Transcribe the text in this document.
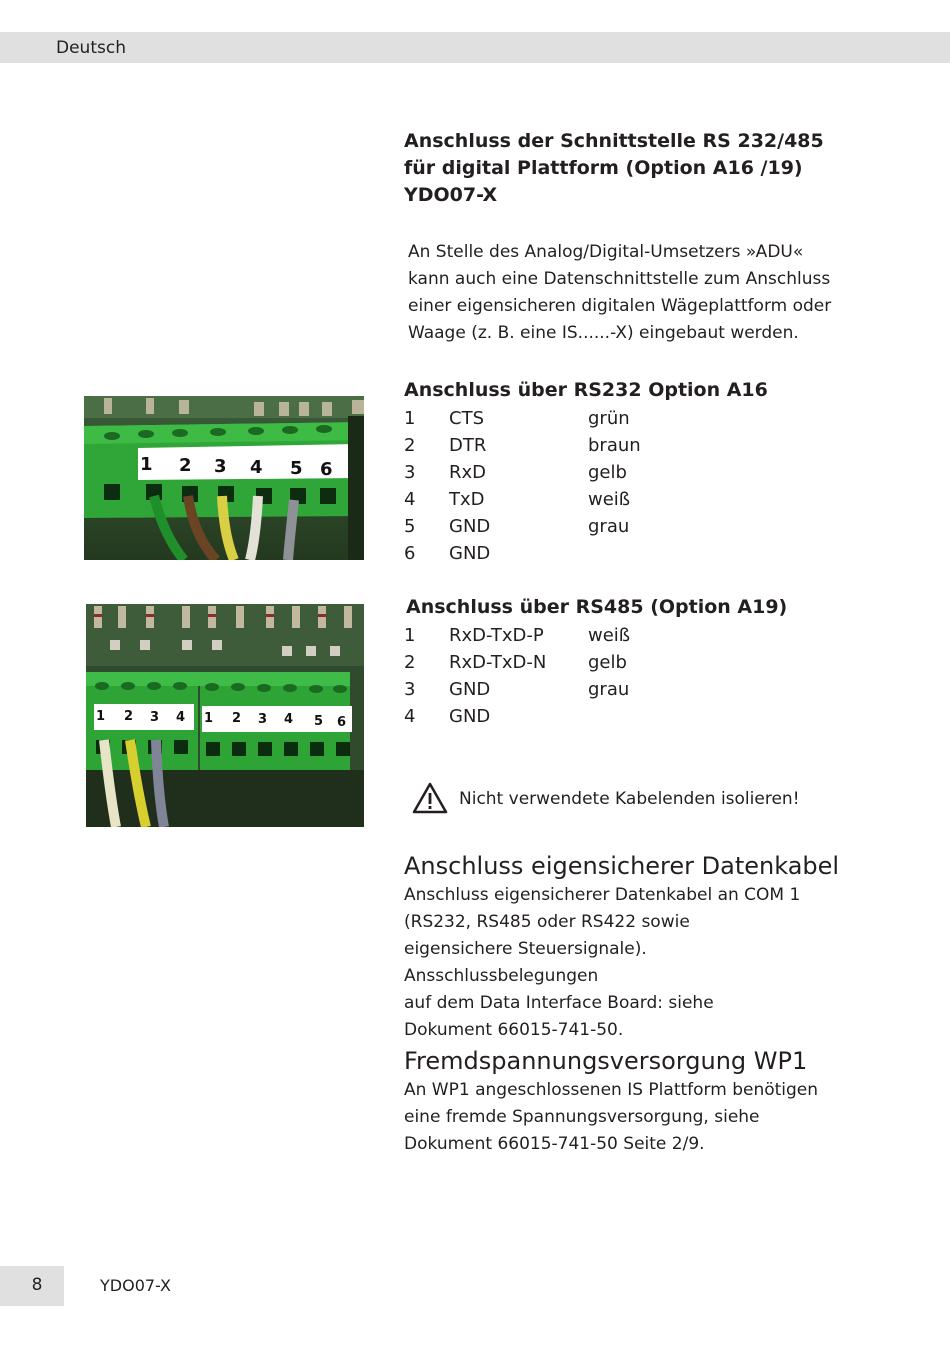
Deutsch
Anschluss der Schnittstelle RS 232/485
für digital Plattform (Option A16 /19)
YDO07-X
An Stelle des Analog/Digital-Umsetzers »ADU«
kann auch eine Datenschnittstelle zum Anschluss
einer eigensicheren digitalen Wägeplattform oder
Waage (z. B. eine IS......-X) eingebaut werden.
Anschluss über RS232 Option A16
1 CTS	grün
2 DTR	braun
3 RxD	gelb
4 TxD	weiß
5 GND	grau
6 GND
Anschluss über RS485 (Option A19)
1 RxD-TxD-P weiß
2 RxD-TxD-N gelb
3 GND	grau
4 GND
Nicht verwendete Kabelenden isolieren!
Anschluss eigensicherer Datenkabel
Anschluss eigensicherer Datenkabel an COM 1
(RS232, RS485 oder RS422 sowie
eigensichere Steuersignale). Ansschlussbelegungen
auf dem Data Interface Board: siehe
Dokument 66015-741-50.
Fremdspannungsversorgung WP1
An WP1 angeschlossenen IS Plattform benötigen
eine fremde Spannungsversorgung, siehe
Dokument 66015-741-50 Seite 2/9.
1 2 3 4 5 6
1 2 3 4 1 2 3 4 5 6
8	YDO07-X
